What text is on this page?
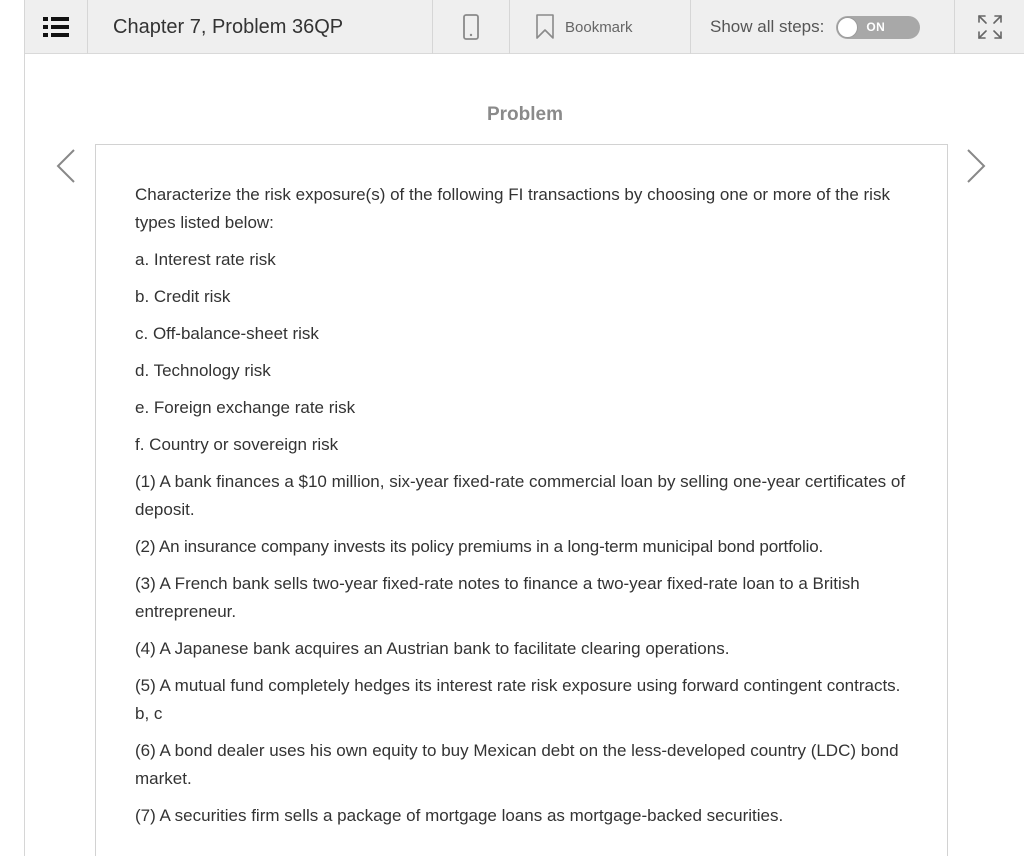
Chapter 7, Problem 36QP	Bookmark	Show all steps:	ON
Problem

Characterize the risk exposure(s) of the following FI transactions by choosing one or more of the risk types listed below:

a. Interest rate risk

b. Credit risk

c. Off-balance-sheet risk

d. Technology risk

e. Foreign exchange rate risk

f. Country or sovereign risk

(1) A bank finances a $10 million, six-year fixed-rate commercial loan by selling one-year certificates of deposit.

(2) An insurance company invests its policy premiums in a long-term municipal bond portfolio.

(3) A French bank sells two-year fixed-rate notes to finance a two-year fixed-rate loan to a British entrepreneur.

(4) A Japanese bank acquires an Austrian bank to facilitate clearing operations.

(5) A mutual fund completely hedges its interest rate risk exposure using forward contingent contracts. b, c

(6) A bond dealer uses his own equity to buy Mexican debt on the less-developed country (LDC) bond market.

(7) A securities firm sells a package of mortgage loans as mortgage-backed securities.
